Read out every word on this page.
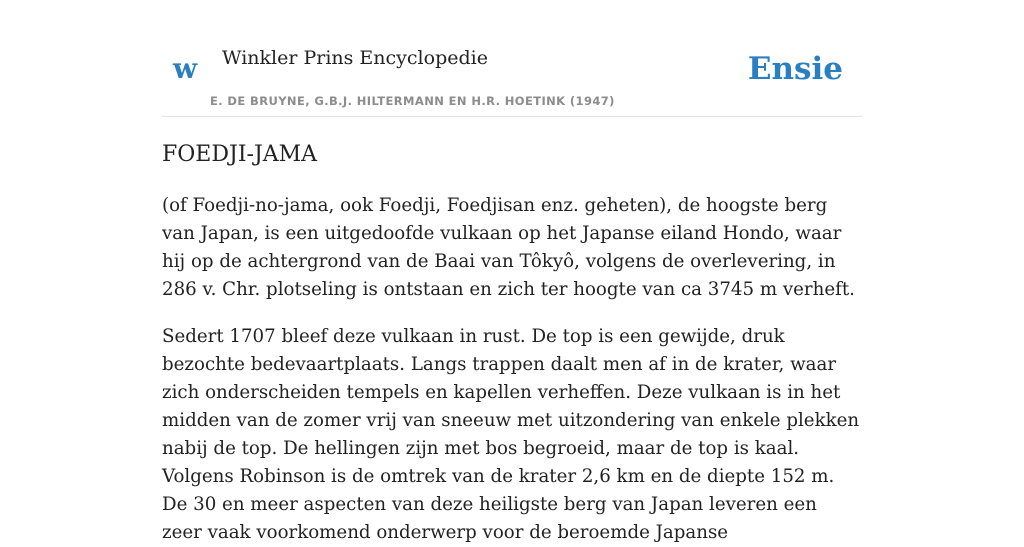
w Winkler Prins Encyclopedie
E. DE BRUYNE, G.B.J. HILTERMANN EN H.R. HOETINK (1947)
Ensie
FOEDJI-JAMA

(of Foedji-no-jama, ook Foedji, Foedjisan enz. geheten), de hoogste berg van Japan, is een uitgedoofde vulkaan op het Japanse eiland Hondo, waar hij op de achtergrond van de Baai van Tôkyô, volgens de overlevering, in 286 v. Chr. plotseling is ontstaan en zich ter hoogte van ca 3745 m verheft.

Sedert 1707 bleef deze vulkaan in rust. De top is een gewijde, druk bezochte bedevaartplaats. Langs trappen daalt men af in de krater, waar zich onderscheiden tempels en kapellen verheffen. Deze vulkaan is in het midden van de zomer vrij van sneeuw met uitzondering van enkele plekken nabij de top. De hellingen zijn met bos begroeid, maar de top is kaal. Volgens Robinson is de omtrek van de krater 2,6 km en de diepte 152 m. De 30 en meer aspecten van deze heiligste berg van Japan leveren een zeer vaak voorkomend onderwerp voor de beroemde Japanse
